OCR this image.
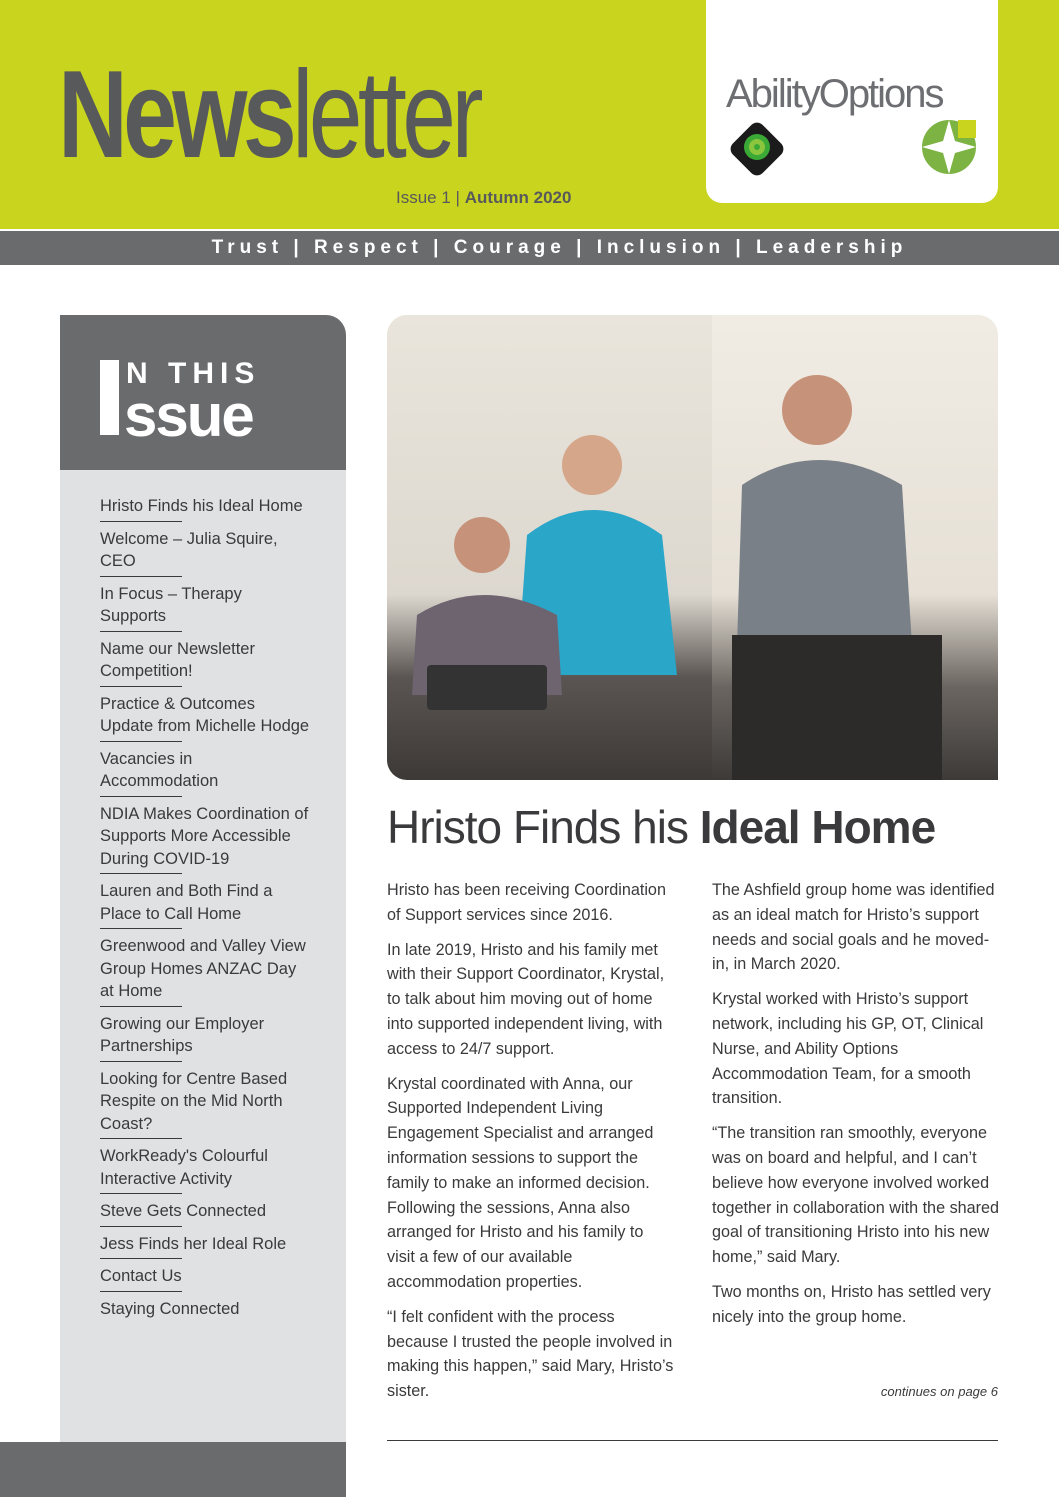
Newsletter
Issue 1 | Autumn 2020
AbilityOptions
Trust | Respect | Courage | Inclusion | Leadership
N THIS
ssue
Hristo Finds his Ideal Home
Welcome – Julia Squire, CEO
In Focus – Therapy Supports
Name our Newsletter Competition!
Practice & Outcomes Update from Michelle Hodge
Vacancies in Accommodation
NDIA Makes Coordination of Supports More Accessible During COVID-19
Lauren and Both Find a Place to Call Home
Greenwood and Valley View Group Homes ANZAC Day at Home
Growing our Employer Partnerships
Looking for Centre Based Respite on the Mid North Coast?
WorkReady's Colourful Interactive Activity
Steve Gets Connected
Jess Finds her Ideal Role
Contact Us
Staying Connected
Hristo Finds his Ideal Home

Hristo has been receiving Coordination of Support services since 2016.

In late 2019, Hristo and his family met with their Support Coordinator, Krystal, to talk about him moving out of home into supported independent living, with access to 24/7 support.

Krystal coordinated with Anna, our Supported Independent Living Engagement Specialist and arranged information sessions to support the family to make an informed decision. Following the sessions, Anna also arranged for Hristo and his family to visit a few of our available accommodation properties.

“I felt confident with the process because I trusted the people involved in making this happen,” said Mary, Hristo’s sister.

The Ashfield group home was identified as an ideal match for Hristo’s support needs and social goals and he moved-in, in March 2020.

Krystal worked with Hristo’s support network, including his GP, OT, Clinical Nurse, and Ability Options Accommodation Team, for a smooth transition.

“The transition ran smoothly, everyone was on board and helpful, and I can’t believe how everyone involved worked together in collaboration with the shared goal of transitioning Hristo into his new home,” said Mary.

Two months on, Hristo has settled very nicely into the group home.

continues on page 6
